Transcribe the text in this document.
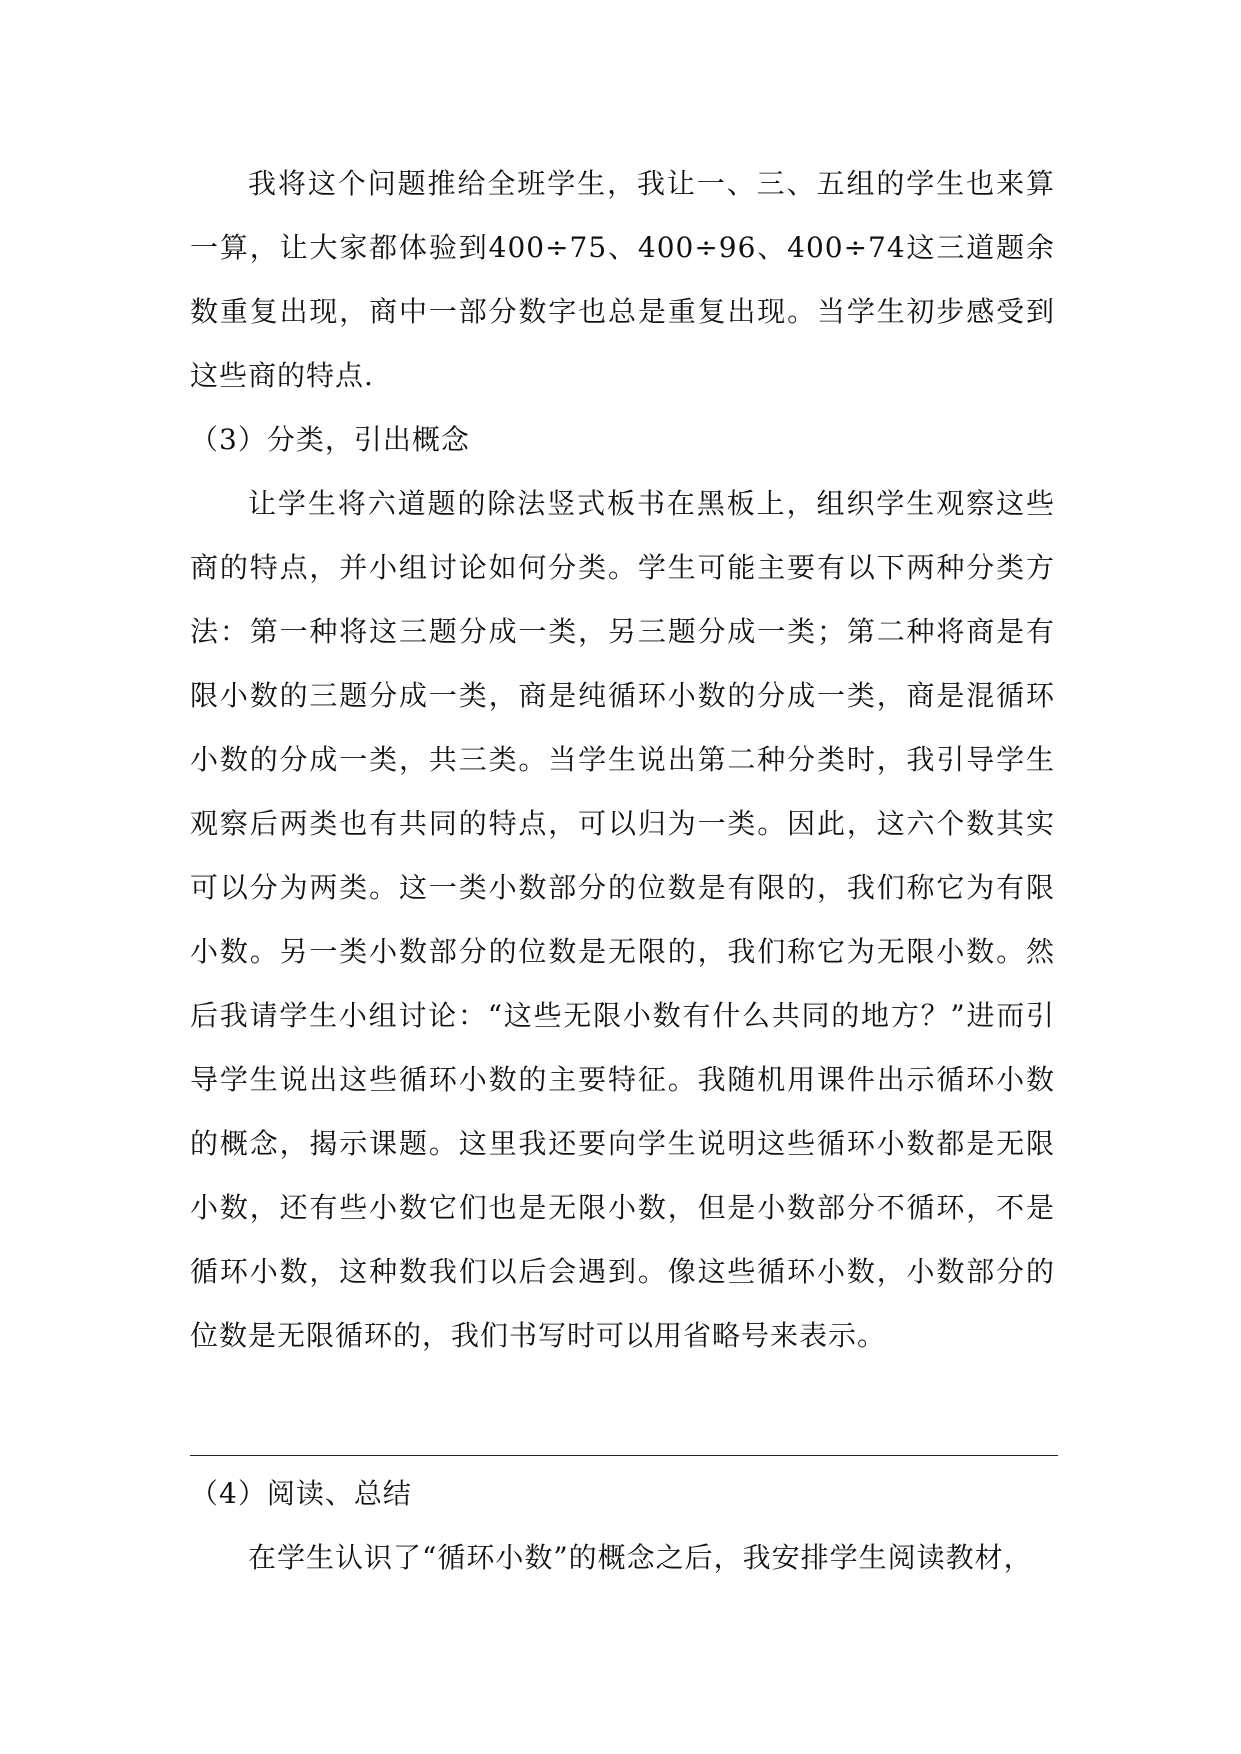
我将这个问题推给全班学生，我让一、三、五组的学生也来算一算，让大家都体验到400÷75、400÷96、400÷74这三道题余数重复出现，商中一部分数字也总是重复出现。当学生初步感受到这些商的特点.

（3）分类，引出概念

让学生将六道题的除法竖式板书在黑板上，组织学生观察这些商的特点，并小组讨论如何分类。学生可能主要有以下两种分类方法：第一种将这三题分成一类，另三题分成一类；第二种将商是有限小数的三题分成一类，商是纯循环小数的分成一类，商是混循环小数的分成一类，共三类。当学生说出第二种分类时，我引导学生观察后两类也有共同的特点，可以归为一类。因此，这六个数其实可以分为两类。这一类小数部分的位数是有限的，我们称它为有限小数。另一类小数部分的位数是无限的，我们称它为无限小数。然后我请学生小组讨论：“这些无限小数有什么共同的地方？”进而引导学生说出这些循环小数的主要特征。我随机用课件出示循环小数的概念，揭示课题。这里我还要向学生说明这些循环小数都是无限小数，还有些小数它们也是无限小数，但是小数部分不循环，不是循环小数，这种数我们以后会遇到。像这些循环小数，小数部分的位数是无限循环的，我们书写时可以用省略号来表示。

（4）阅读、总结

在学生认识了“循环小数”的概念之后，我安排学生阅读教材，
